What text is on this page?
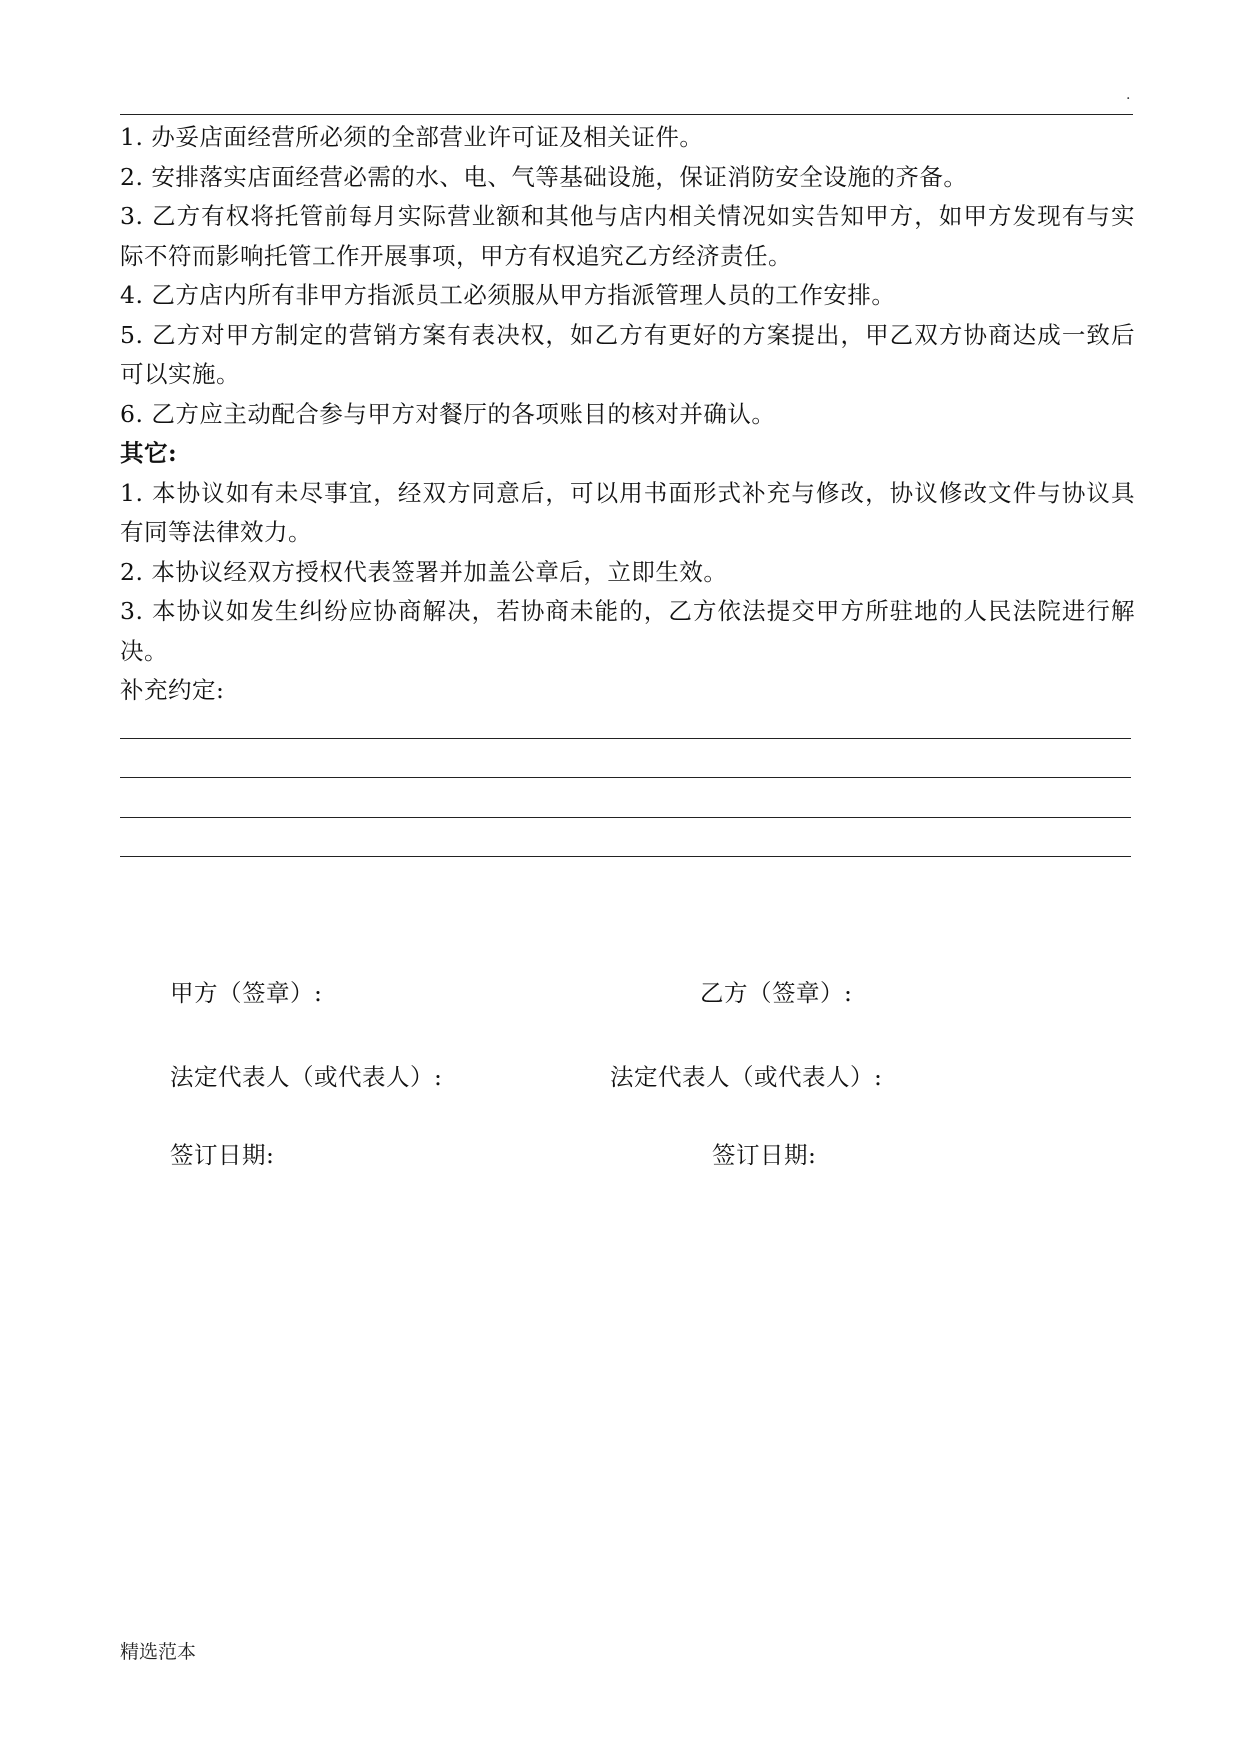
.

1. 办妥店面经营所必须的全部营业许可证及相关证件。

2. 安排落实店面经营必需的水、电、气等基础设施，保证消防安全设施的齐备。

3. 乙方有权将托管前每月实际营业额和其他与店内相关情况如实告知甲方，如甲方发现有与实际不符而影响托管工作开展事项，甲方有权追究乙方经济责任。

4. 乙方店内所有非甲方指派员工必须服从甲方指派管理人员的工作安排。

5. 乙方对甲方制定的营销方案有表决权，如乙方有更好的方案提出，甲乙双方协商达成一致后可以实施。

6. 乙方应主动配合参与甲方对餐厅的各项账目的核对并确认。

其它:

1. 本协议如有未尽事宜，经双方同意后，可以用书面形式补充与修改，协议修改文件与协议具有同等法律效力。

2. 本协议经双方授权代表签署并加盖公章后，立即生效。

3. 本协议如发生纠纷应协商解决，若协商未能的，乙方依法提交甲方所驻地的人民法院进行解决。

补充约定:

甲方（签章）:	乙方（签章）:
法定代表人（或代表人）:	法定代表人（或代表人）:
签订日期:	签订日期:
精选范本
